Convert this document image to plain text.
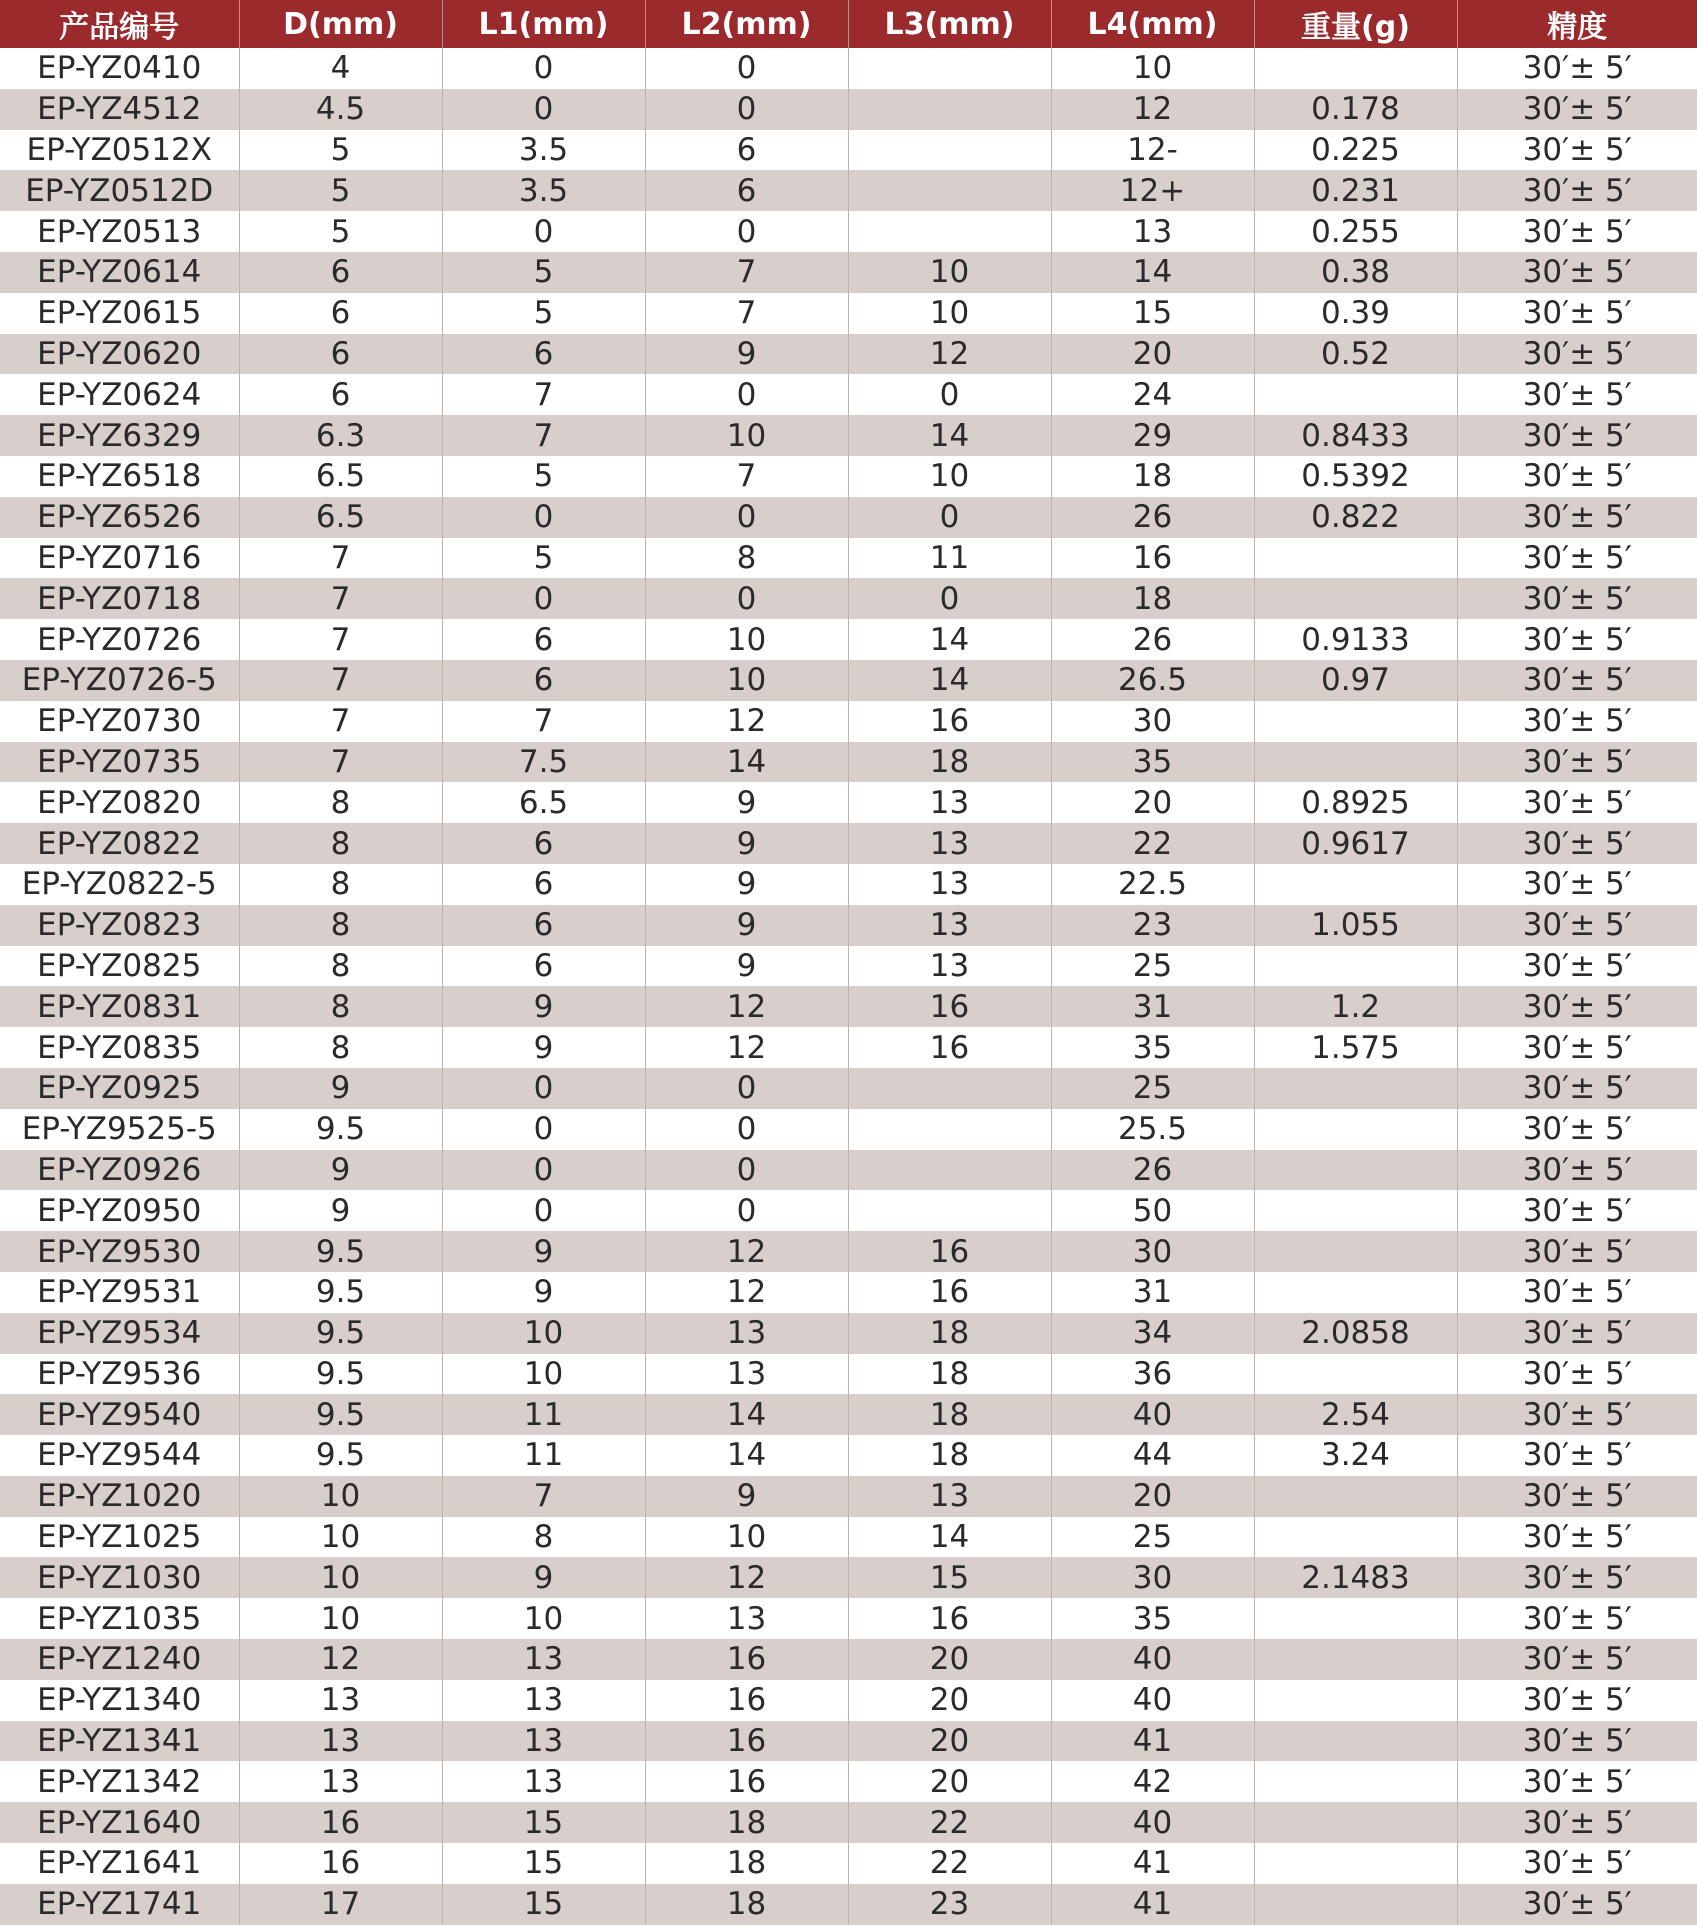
产品编号	D(mm)	L1(mm)	L2(mm)	L3(mm)	L4(mm)	重量(g)	精度
EP-YZ0410	4	0	0		10		30′± 5′
EP-YZ4512	4.5	0	0		12	0.178	30′± 5′
EP-YZ0512X	5	3.5	6		12-	0.225	30′± 5′
EP-YZ0512D	5	3.5	6		12+	0.231	30′± 5′
EP-YZ0513	5	0	0		13	0.255	30′± 5′
EP-YZ0614	6	5	7	10	14	0.38	30′± 5′
EP-YZ0615	6	5	7	10	15	0.39	30′± 5′
EP-YZ0620	6	6	9	12	20	0.52	30′± 5′
EP-YZ0624	6	7	0	0	24		30′± 5′
EP-YZ6329	6.3	7	10	14	29	0.8433	30′± 5′
EP-YZ6518	6.5	5	7	10	18	0.5392	30′± 5′
EP-YZ6526	6.5	0	0	0	26	0.822	30′± 5′
EP-YZ0716	7	5	8	11	16		30′± 5′
EP-YZ0718	7	0	0	0	18		30′± 5′
EP-YZ0726	7	6	10	14	26	0.9133	30′± 5′
EP-YZ0726-5	7	6	10	14	26.5	0.97	30′± 5′
EP-YZ0730	7	7	12	16	30		30′± 5′
EP-YZ0735	7	7.5	14	18	35		30′± 5′
EP-YZ0820	8	6.5	9	13	20	0.8925	30′± 5′
EP-YZ0822	8	6	9	13	22	0.9617	30′± 5′
EP-YZ0822-5	8	6	9	13	22.5		30′± 5′
EP-YZ0823	8	6	9	13	23	1.055	30′± 5′
EP-YZ0825	8	6	9	13	25		30′± 5′
EP-YZ0831	8	9	12	16	31	1.2	30′± 5′
EP-YZ0835	8	9	12	16	35	1.575	30′± 5′
EP-YZ0925	9	0	0		25		30′± 5′
EP-YZ9525-5	9.5	0	0		25.5		30′± 5′
EP-YZ0926	9	0	0		26		30′± 5′
EP-YZ0950	9	0	0		50		30′± 5′
EP-YZ9530	9.5	9	12	16	30		30′± 5′
EP-YZ9531	9.5	9	12	16	31		30′± 5′
EP-YZ9534	9.5	10	13	18	34	2.0858	30′± 5′
EP-YZ9536	9.5	10	13	18	36		30′± 5′
EP-YZ9540	9.5	11	14	18	40	2.54	30′± 5′
EP-YZ9544	9.5	11	14	18	44	3.24	30′± 5′
EP-YZ1020	10	7	9	13	20		30′± 5′
EP-YZ1025	10	8	10	14	25		30′± 5′
EP-YZ1030	10	9	12	15	30	2.1483	30′± 5′
EP-YZ1035	10	10	13	16	35		30′± 5′
EP-YZ1240	12	13	16	20	40		30′± 5′
EP-YZ1340	13	13	16	20	40		30′± 5′
EP-YZ1341	13	13	16	20	41		30′± 5′
EP-YZ1342	13	13	16	20	42		30′± 5′
EP-YZ1640	16	15	18	22	40		30′± 5′
EP-YZ1641	16	15	18	22	41		30′± 5′
EP-YZ1741	17	15	18	23	41		30′± 5′
